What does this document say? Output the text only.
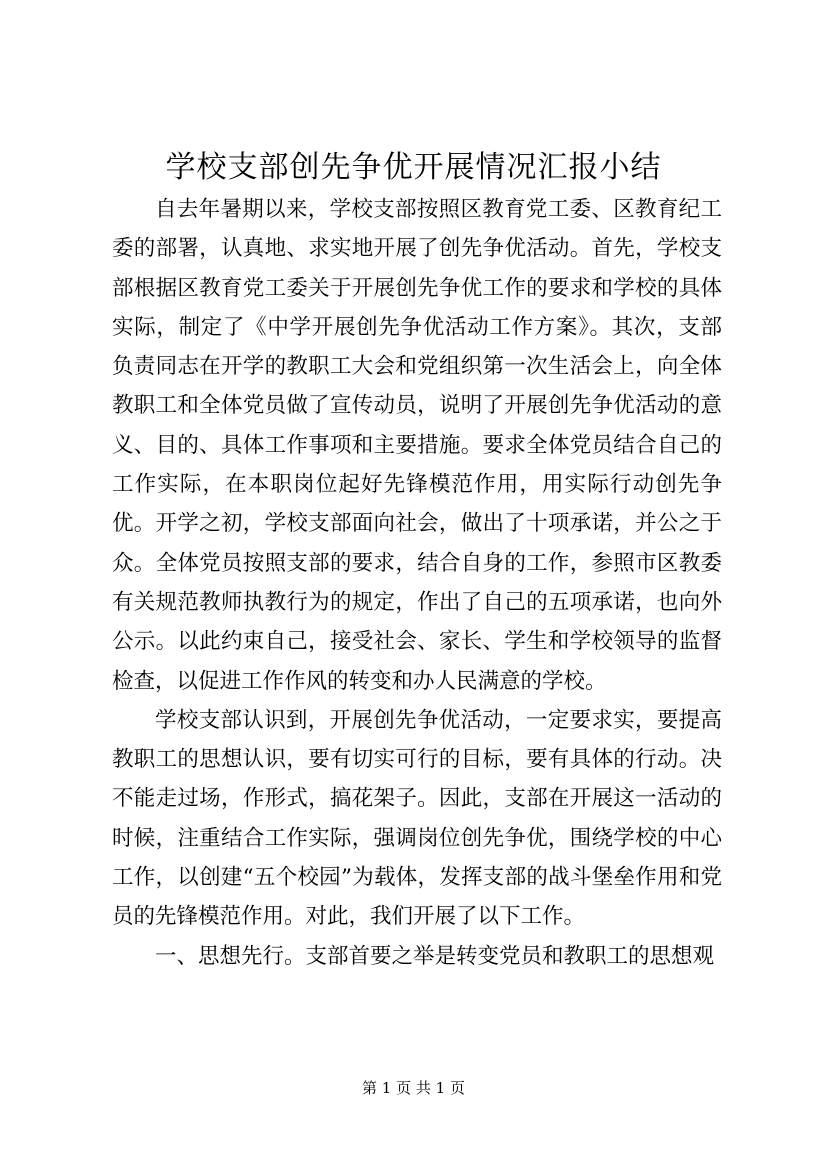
学校支部创先争优开展情况汇报小结

自去年暑期以来，学校支部按照区教育党工委、区教育纪工委的部署，认真地、求实地开展了创先争优活动。首先，学校支部根据区教育党工委关于开展创先争优工作的要求和学校的具体实际，制定了《中学开展创先争优活动工作方案》。其次，支部负责同志在开学的教职工大会和党组织第一次生活会上，向全体教职工和全体党员做了宣传动员，说明了开展创先争优活动的意义、目的、具体工作事项和主要措施。要求全体党员结合自己的工作实际，在本职岗位起好先锋模范作用，用实际行动创先争优。开学之初，学校支部面向社会，做出了十项承诺，并公之于众。全体党员按照支部的要求，结合自身的工作，参照市区教委有关规范教师执教行为的规定，作出了自己的五项承诺，也向外公示。以此约束自己，接受社会、家长、学生和学校领导的监督检查，以促进工作作风的转变和办人民满意的学校。

学校支部认识到，开展创先争优活动，一定要求实，要提高教职工的思想认识，要有切实可行的目标，要有具体的行动。决不能走过场，作形式，搞花架子。因此，支部在开展这一活动的时候，注重结合工作实际，强调岗位创先争优，围绕学校的中心工作，以创建“五个校园”为载体，发挥支部的战斗堡垒作用和党员的先锋模范作用。对此，我们开展了以下工作。

一、思想先行。支部首要之举是转变党员和教职工的思想观

第 1 页 共 1 页
